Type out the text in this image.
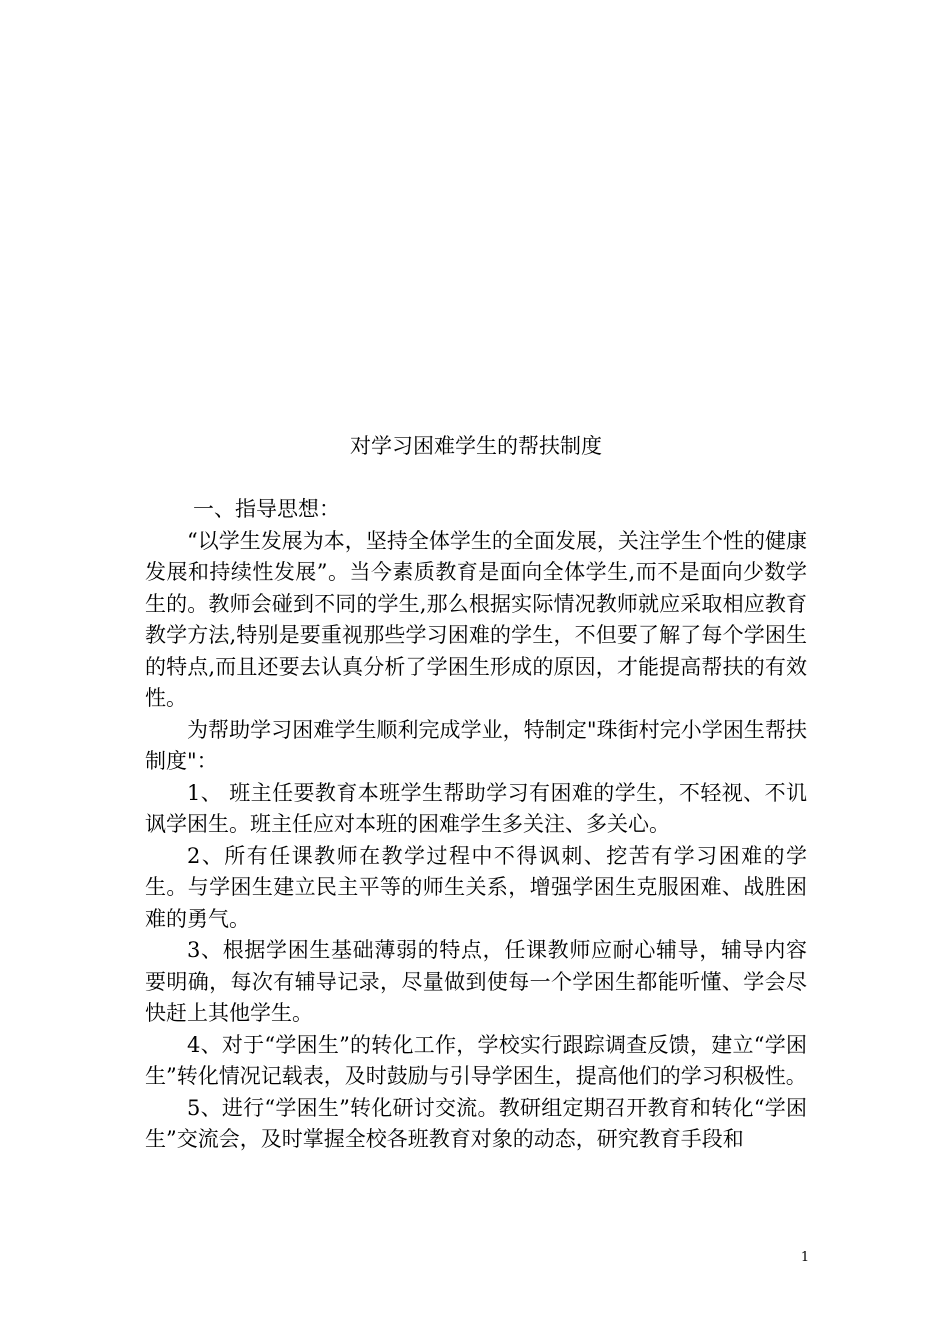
对学习困难学生的帮扶制度

一、指导思想：

“以学生发展为本，坚持全体学生的全面发展，关注学生个性的健康发展和持续性发展”。当今素质教育是面向全体学生,而不是面向少数学生的。教师会碰到不同的学生,那么根据实际情况教师就应采取相应教育教学方法,特别是要重视那些学习困难的学生，不但要了解了每个学困生的特点,而且还要去认真分析了学困生形成的原因，才能提高帮扶的有效性。

为帮助学习困难学生顺利完成学业，特制定"珠街村完小学困生帮扶制度"：

1、 班主任要教育本班学生帮助学习有困难的学生，不轻视、不讥讽学困生。班主任应对本班的困难学生多关注、多关心。

2、所有任课教师在教学过程中不得讽刺、挖苦有学习困难的学生。与学困生建立民主平等的师生关系，增强学困生克服困难、战胜困难的勇气。

3、根据学困生基础薄弱的特点，任课教师应耐心辅导，辅导内容要明确，每次有辅导记录，尽量做到使每一个学困生都能听懂、学会尽快赶上其他学生。

4、对于“学困生”的转化工作，学校实行跟踪调查反馈，建立“学困生”转化情况记载表，及时鼓励与引导学困生，提高他们的学习积极性。

5、进行“学困生”转化研讨交流。教研组定期召开教育和转化“学困生”交流会，及时掌握全校各班教育对象的动态，研究教育手段和

1
